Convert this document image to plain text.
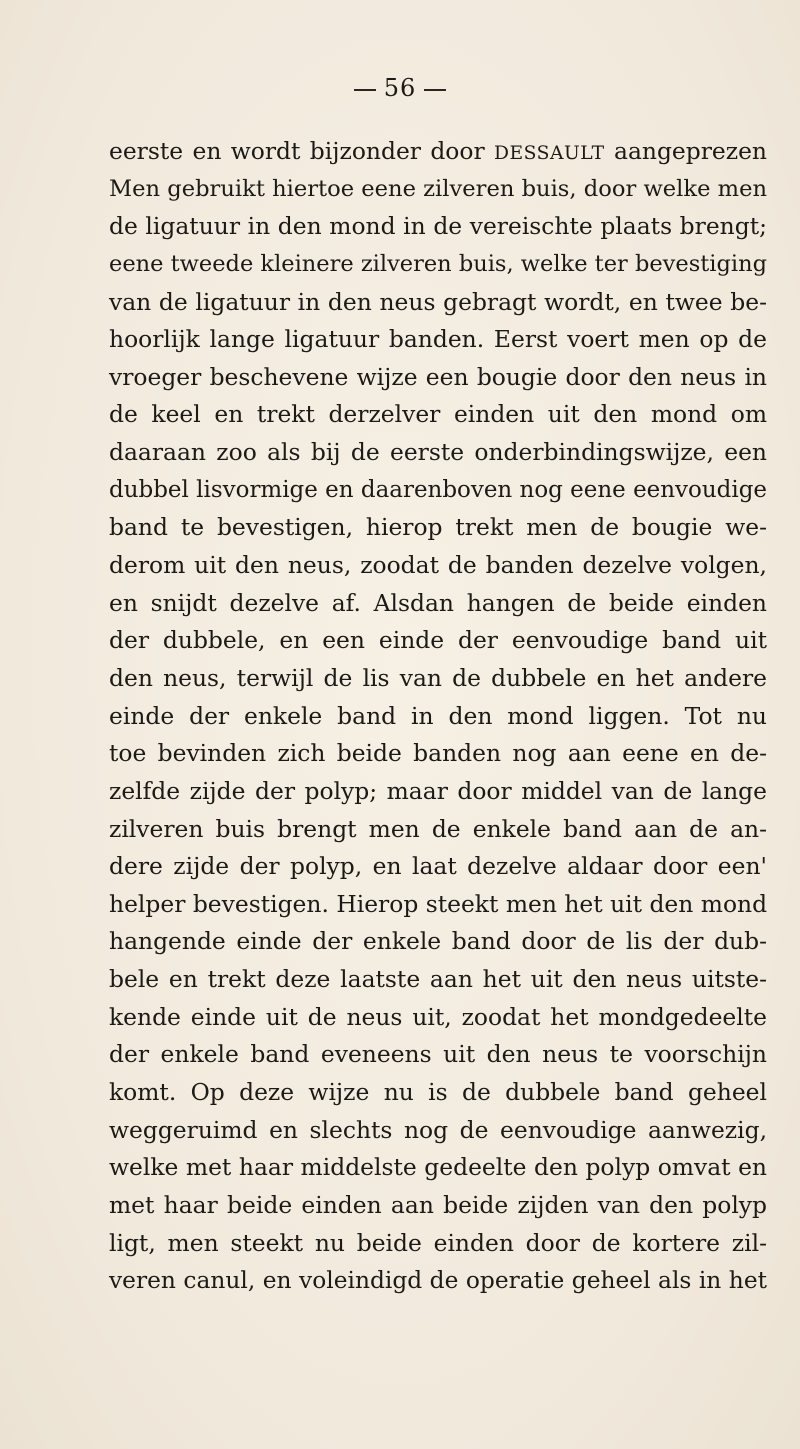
56
eerste en wordt bijzonder door DESSAULT aangeprezen
Men gebruikt hiertoe eene zilveren buis, door welke men
de ligatuur in den mond in de vereischte plaats brengt;
eene tweede kleinere zilveren buis, welke ter bevestiging
van de ligatuur in den neus gebragt wordt, en twee be-
hoorlijk lange ligatuur banden. Eerst voert men op de
vroeger beschevene wijze een bougie door den neus in
de keel en trekt derzelver einden uit den mond om
daaraan zoo als bij de eerste onderbindingswijze, een
dubbel lisvormige en daarenboven nog eene eenvoudige
band te bevestigen, hierop trekt men de bougie we-
derom uit den neus, zoodat de banden dezelve volgen,
en snijdt dezelve af. Alsdan hangen de beide einden
der dubbele, en een einde der eenvoudige band uit
den neus, terwijl de lis van de dubbele en het andere
einde der enkele band in den mond liggen. Tot nu
toe bevinden zich beide banden nog aan eene en de-
zelfde zijde der polyp; maar door middel van de lange
zilveren buis brengt men de enkele band aan de an-
dere zijde der polyp, en laat dezelve aldaar door een'
helper bevestigen. Hierop steekt men het uit den mond
hangende einde der enkele band door de lis der dub-
bele en trekt deze laatste aan het uit den neus uitste-
kende einde uit de neus uit, zoodat het mondgedeelte
der enkele band eveneens uit den neus te voorschijn
komt. Op deze wijze nu is de dubbele band geheel
weggeruimd en slechts nog de eenvoudige aanwezig,
welke met haar middelste gedeelte den polyp omvat en
met haar beide einden aan beide zijden van den polyp
ligt, men steekt nu beide einden door de kortere zil-
veren canul, en voleindigd de operatie geheel als in het
